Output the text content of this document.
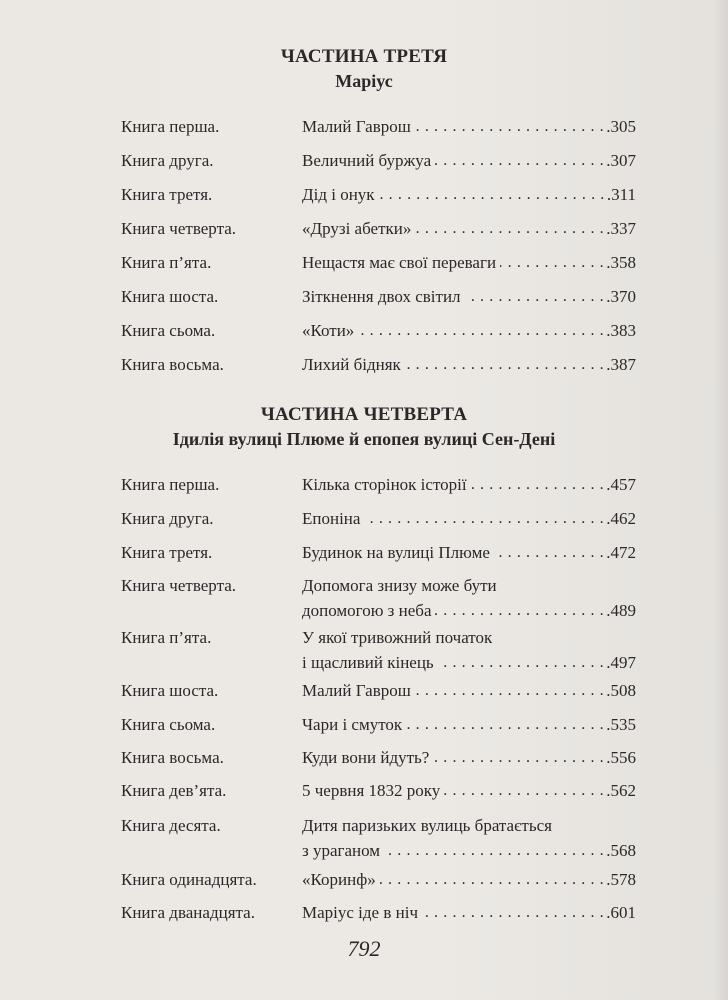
ЧАСТИНА ТРЕТЯ
Маріус
Книга перша.	Малий Гаврош . . .	.305
Книга друга.	Величний буржуа . . .	.307
Книга третя.	Дід і онук . . .	.311
Книга четверта.	«Друзі абетки» . . .	.337
Книга п’ята.	Нещастя має свої переваги . . .	.358
Книга шоста.	Зіткнення двох світил . . .	.370
Книга сьома.	«Коти» . . .	.383
Книга восьма.	Лихий бідняк . . .	.387
ЧАСТИНА ЧЕТВЕРТА
Ідилія вулиці Плюме й епопея вулиці Сен-Дені
Книга перша.	Кілька сторінок історії . . .	.457
Книга друга.	Епоніна . . .	.462
Книга третя.	Будинок на вулиці Плюме . . .	.472
Книга четверта.	Допомога знизу може бути
допомогою з неба . . .	.489
Книга п’ята.	У якої тривожний початок
і щасливий кінець . . .	.497
Книга шоста.	Малий Гаврош . . .	.508
Книга сьома.	Чари і смуток . . .	.535
Книга восьма.	Куди вони йдуть? . . .	.556
Книга дев’ята.	5 червня 1832 року . . .	.562
Книга десята.	Дитя паризьких вулиць братається
з ураганом . . .	.568
Книга одинадцята.	«Коринф» . . .	.578
Книга дванадцята.	Маріус іде в ніч . . .	.601
792
